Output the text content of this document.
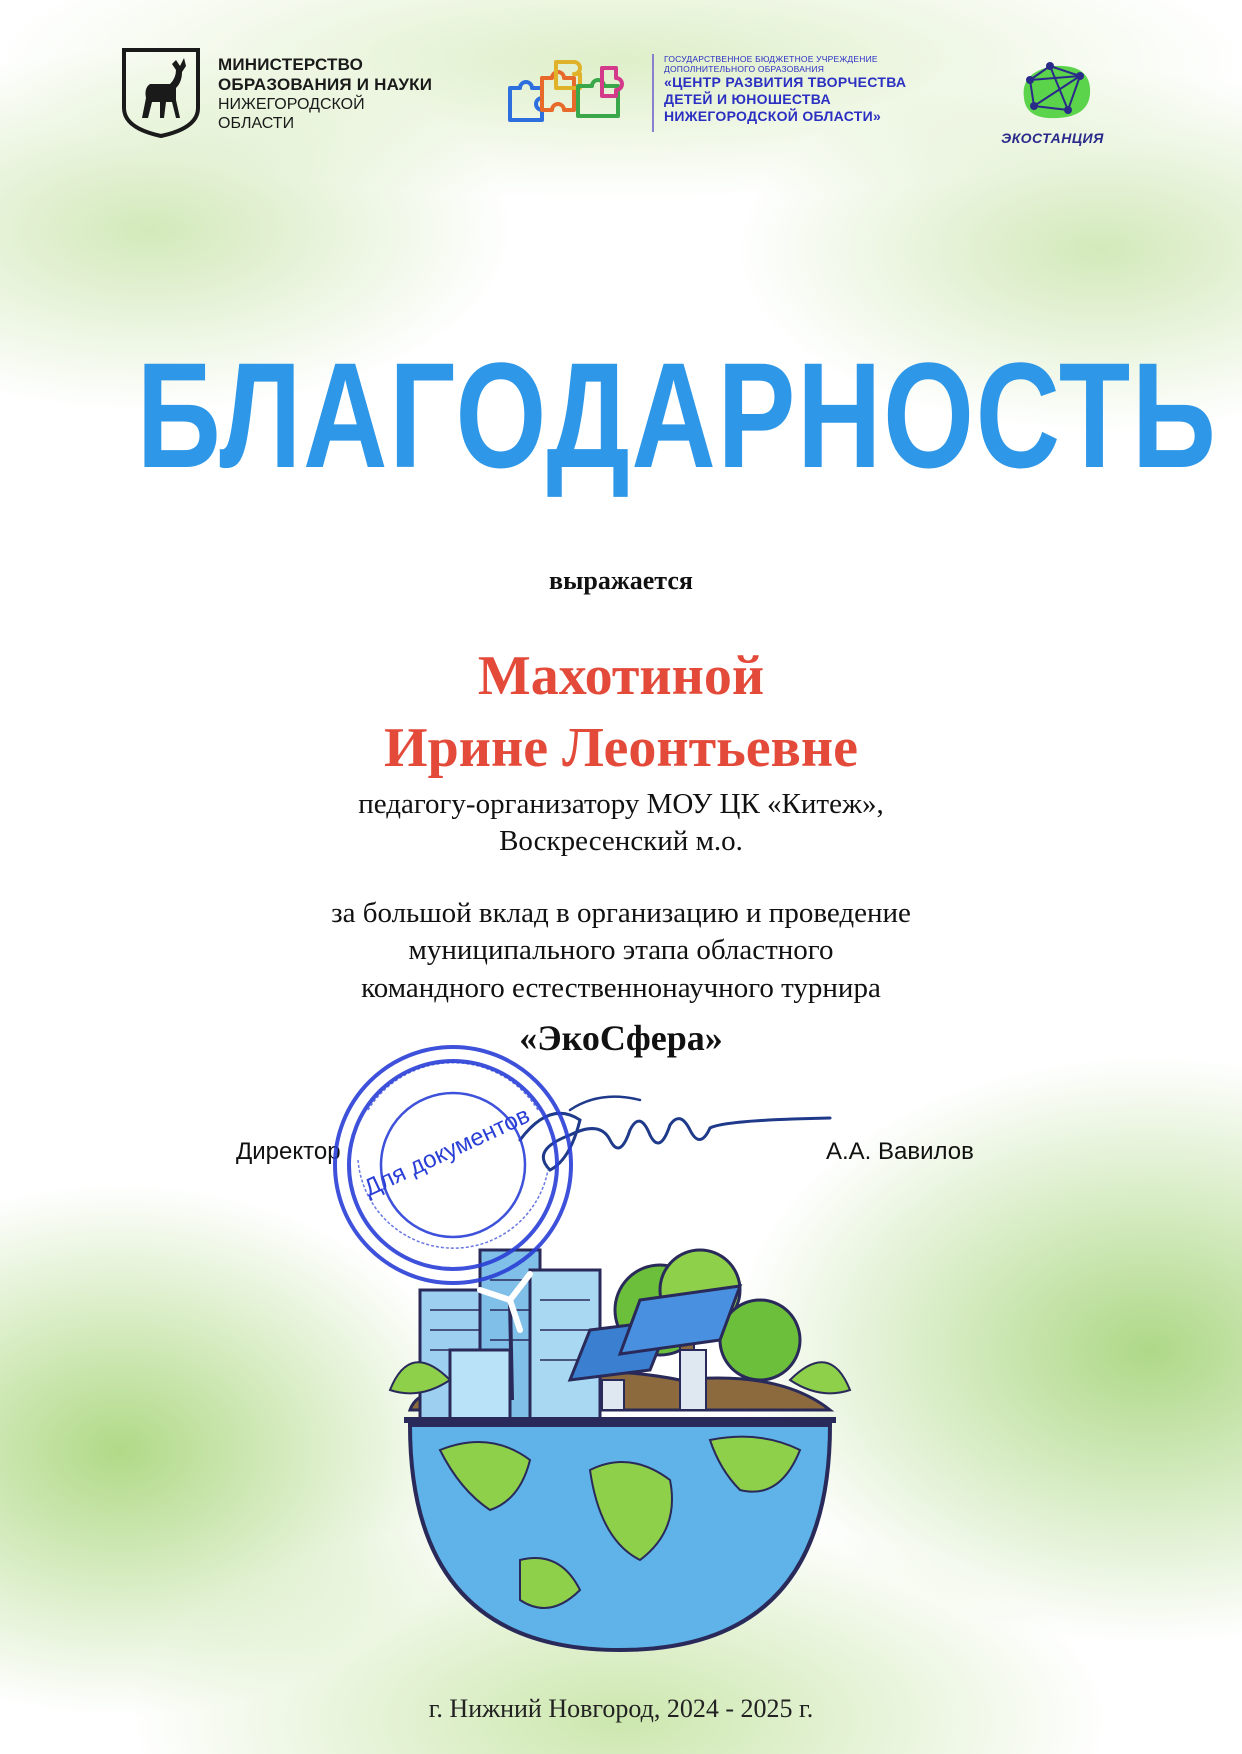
МИНИСТЕРСТВО
ОБРАЗОВАНИЯ И НАУКИ
НИЖЕГОРОДСКОЙ
ОБЛАСТИ
ГОСУДАРСТВЕННОЕ БЮДЖЕТНОЕ УЧРЕЖДЕНИЕ
ДОПОЛНИТЕЛЬНОГО ОБРАЗОВАНИЯ
«ЦЕНТР РАЗВИТИЯ ТВОРЧЕСТВА
ДЕТЕЙ И ЮНОШЕСТВА
НИЖЕГОРОДСКОЙ ОБЛАСТИ»
ЭКОСТАНЦИЯ
БЛАГОДАРНОСТЬ
выражается
Махотиной
Ирине Леонтьевне
педагогу-организатору МОУ ЦК «Китеж»,
Воскресенский м.о.
за большой вклад в организацию и проведение
муниципального этапа областного
командного естественнонаучного турнира
«ЭкоСфера»
Директор	А.А. Вавилов
Для документов
г. Нижний Новгород, 2024 - 2025 г.
